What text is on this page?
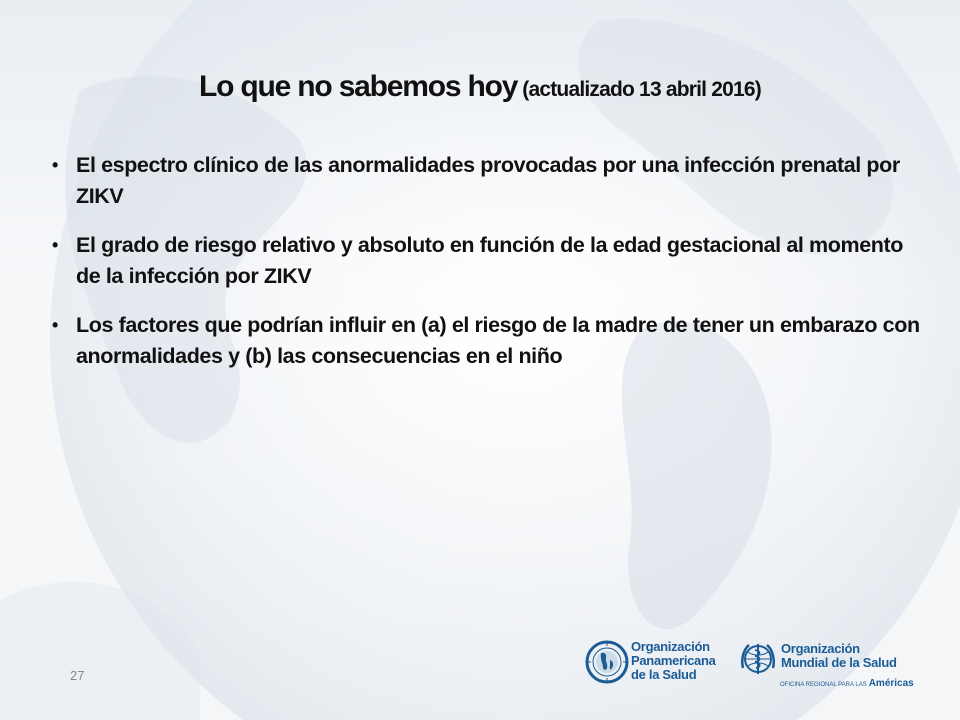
Lo que no sabemos hoy (actualizado 13 abril 2016)
• El espectro clínico de las anormalidades provocadas por una infección prenatal por ZIKV
• El grado de riesgo relativo y absoluto en función de la edad gestacional al momento de la infección por ZIKV
• Los factores que podrían influir en (a) el riesgo de la madre de tener un embarazo con anormalidades y (b) las consecuencias en el niño
27
Organización
Panamericana
de la Salud
Organización
Mundial de la Salud
OFICINA REGIONAL PARA LAS Américas
